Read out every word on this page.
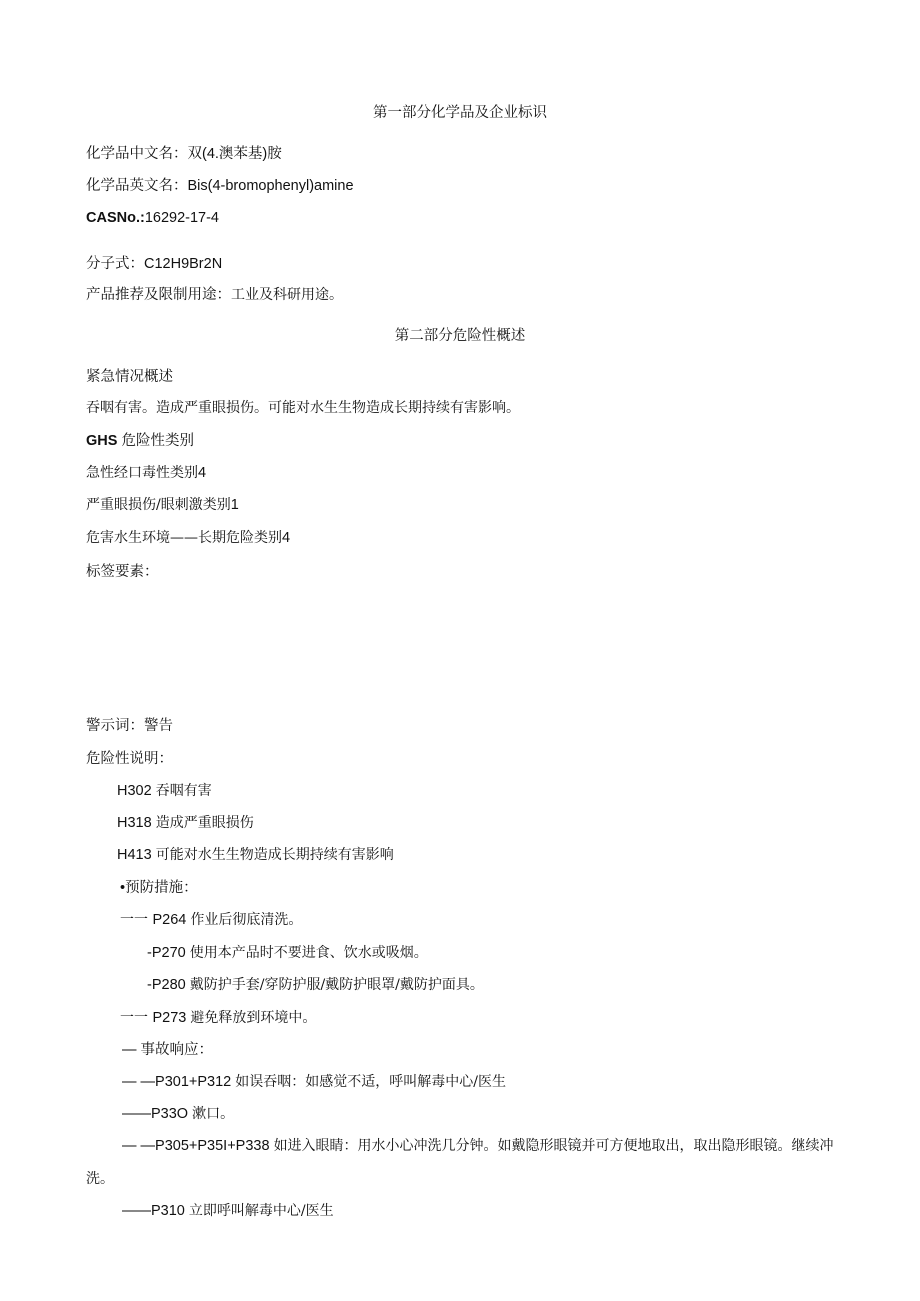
第一部分化学品及企业标识
化学品中文名：双(4.澳苯基)胺
化学品英文名：Bis(4-bromophenyl)amine
CASNo.:16292-17-4
分子式：C12H9Br2N
产品推荐及限制用途：工业及科研用途。
第二部分危险性概述
紧急情况概述
吞咽有害。造成严重眼损伤。可能对水生生物造成长期持续有害影响。
GHS 危险性类别
急性经口毒性类别4
严重眼损伤/眼刺激类别1
危害水生环境——长期危险类别4
标签要素：
警示词：警告
危险性说明：
H302 吞咽有害
H318 造成严重眼损伤
H413 可能对水生生物造成长期持续有害影响
•预防措施：
一一 P264 作业后彻底清洗。
-P270 使用本产品时不要进食、饮水或吸烟。
-P280 戴防护手套/穿防护服/戴防护眼罩/戴防护面具。
一一 P273 避免释放到环境中。
— 事故响应：
— —P301+P312 如误吞咽：如感觉不适，呼叫解毒中心/医生
——P33O 漱口。
— —P305+P35I+P338 如进入眼睛：用水小心冲洗几分钟。如戴隐形眼镜并可方便地取出，取出隐形眼镜。继续冲洗。
——P310 立即呼叫解毒中心/医生
